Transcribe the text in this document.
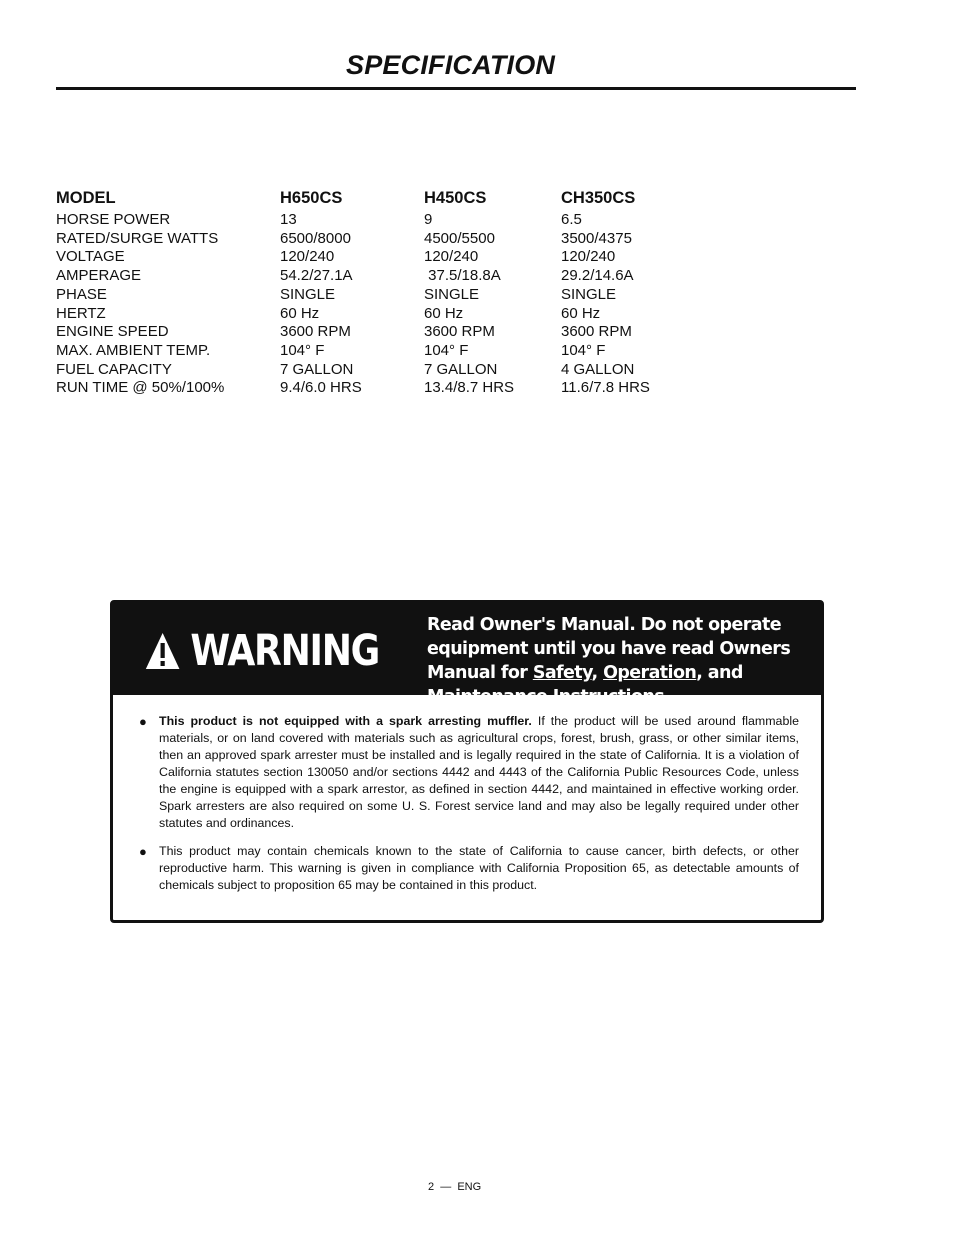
SPECIFICATION
MODEL	H650CS	H450CS	CH350CS
HORSE POWER	13	9	6.5
RATED/SURGE WATTS	6500/8000	4500/5500	3500/4375
VOLTAGE	120/240	120/240	120/240
AMPERAGE	54.2/27.1A	37.5/18.8A	29.2/14.6A
PHASE	SINGLE	SINGLE	SINGLE
HERTZ	60 Hz	60 Hz	60 Hz
ENGINE SPEED	3600 RPM	3600 RPM	3600 RPM
MAX. AMBIENT TEMP.	104° F	104° F	104° F
FUEL CAPACITY	7 GALLON	7 GALLON	4 GALLON
RUN TIME @ 50%/100%	9.4/6.0 HRS	13.4/8.7 HRS	11.6/7.8 HRS
WARNING
Read Owner's Manual. Do not operate equipment until you have read Owners Manual for Safety, Operation, and Maintenance Instructions.
● This product is not equipped with a spark arresting muffler. If the product will be used around flammable materials, or on land covered with materials such as agricultural crops, forest, brush, grass, or other similar items, then an approved spark arrester must be installed and is legally required in the state of California. It is a violation of California statutes section 130050 and/or sections 4442 and 4443 of the California Public Resources Code, unless the engine is equipped with a spark arrestor, as defined in section 4442, and maintained in effective working order. Spark arresters are also required on some U. S. Forest service land and may also be legally required under other statutes and ordinances.
● This product may contain chemicals known to the state of California to cause cancer, birth defects, or other reproductive harm. This warning is given in compliance with California Proposition 65, as detectable amounts of chemicals subject to proposition 65 may be contained in this product.
2  —  ENG
